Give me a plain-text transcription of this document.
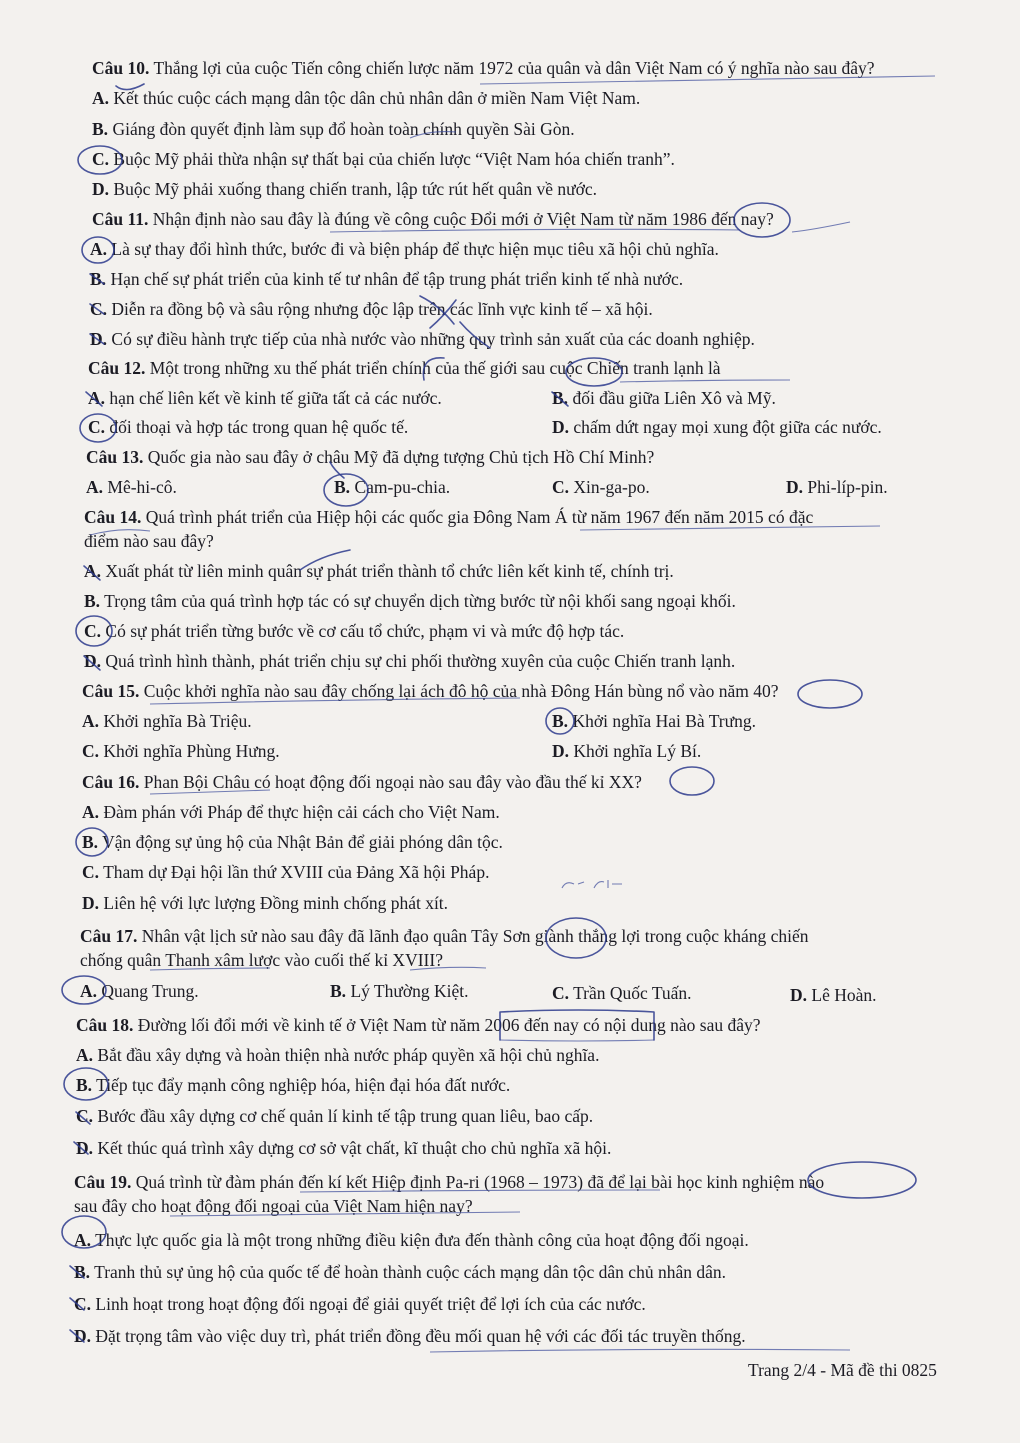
Câu 10. Thắng lợi của cuộc Tiến công chiến lược năm 1972 của quân và dân Việt Nam có ý nghĩa nào sau đây?
A. Kết thúc cuộc cách mạng dân tộc dân chủ nhân dân ở miền Nam Việt Nam.
B. Giáng đòn quyết định làm sụp đổ hoàn toàn chính quyền Sài Gòn.
C. Buộc Mỹ phải thừa nhận sự thất bại của chiến lược “Việt Nam hóa chiến tranh”.
D. Buộc Mỹ phải xuống thang chiến tranh, lập tức rút hết quân về nước.
Câu 11. Nhận định nào sau đây là đúng về công cuộc Đổi mới ở Việt Nam từ năm 1986 đến nay?
A. Là sự thay đổi hình thức, bước đi và biện pháp để thực hiện mục tiêu xã hội chủ nghĩa.
B. Hạn chế sự phát triển của kinh tế tư nhân để tập trung phát triển kinh tế nhà nước.
C. Diễn ra đồng bộ và sâu rộng nhưng độc lập trên các lĩnh vực kinh tế – xã hội.
D. Có sự điều hành trực tiếp của nhà nước vào những quy trình sản xuất của các doanh nghiệp.
Câu 12. Một trong những xu thế phát triển chính của thế giới sau cuộc Chiến tranh lạnh là
A. hạn chế liên kết về kinh tế giữa tất cả các nước.	B. đối đầu giữa Liên Xô và Mỹ.
C. đối thoại và hợp tác trong quan hệ quốc tế.	D. chấm dứt ngay mọi xung đột giữa các nước.
Câu 13. Quốc gia nào sau đây ở châu Mỹ đã dựng tượng Chủ tịch Hồ Chí Minh?
A. Mê-hi-cô.	B. Cam-pu-chia.	C. Xin-ga-po.	D. Phi-líp-pin.
Câu 14. Quá trình phát triển của Hiệp hội các quốc gia Đông Nam Á từ năm 1967 đến năm 2015 có đặc
điểm nào sau đây?
A. Xuất phát từ liên minh quân sự phát triển thành tổ chức liên kết kinh tế, chính trị.
B. Trọng tâm của quá trình hợp tác có sự chuyển dịch từng bước từ nội khối sang ngoại khối.
C. Có sự phát triển từng bước về cơ cấu tổ chức, phạm vi và mức độ hợp tác.
D. Quá trình hình thành, phát triển chịu sự chi phối thường xuyên của cuộc Chiến tranh lạnh.
Câu 15. Cuộc khởi nghĩa nào sau đây chống lại ách đô hộ của nhà Đông Hán bùng nổ vào năm 40?
A. Khởi nghĩa Bà Triệu.	B. Khởi nghĩa Hai Bà Trưng.
C. Khởi nghĩa Phùng Hưng.	D. Khởi nghĩa Lý Bí.
Câu 16. Phan Bội Châu có hoạt động đối ngoại nào sau đây vào đầu thế kỉ XX?
A. Đàm phán với Pháp để thực hiện cải cách cho Việt Nam.
B. Vận động sự ủng hộ của Nhật Bản để giải phóng dân tộc.
C. Tham dự Đại hội lần thứ XVIII của Đảng Xã hội Pháp.
D. Liên hệ với lực lượng Đồng minh chống phát xít.
Câu 17. Nhân vật lịch sử nào sau đây đã lãnh đạo quân Tây Sơn giành thắng lợi trong cuộc kháng chiến
chống quân Thanh xâm lược vào cuối thế kỉ XVIII?
A. Quang Trung.	B. Lý Thường Kiệt.	C. Trần Quốc Tuấn.	D. Lê Hoàn.
Câu 18. Đường lối đổi mới về kinh tế ở Việt Nam từ năm 2006 đến nay có nội dung nào sau đây?
A. Bắt đầu xây dựng và hoàn thiện nhà nước pháp quyền xã hội chủ nghĩa.
B. Tiếp tục đẩy mạnh công nghiệp hóa, hiện đại hóa đất nước.
C. Bước đầu xây dựng cơ chế quản lí kinh tế tập trung quan liêu, bao cấp.
D. Kết thúc quá trình xây dựng cơ sở vật chất, kĩ thuật cho chủ nghĩa xã hội.
Câu 19. Quá trình từ đàm phán đến kí kết Hiệp định Pa-ri (1968 – 1973) đã để lại bài học kinh nghiệm nào
sau đây cho hoạt động đối ngoại của Việt Nam hiện nay?
A. Thực lực quốc gia là một trong những điều kiện đưa đến thành công của hoạt động đối ngoại.
B. Tranh thủ sự ủng hộ của quốc tế để hoàn thành cuộc cách mạng dân tộc dân chủ nhân dân.
C. Linh hoạt trong hoạt động đối ngoại để giải quyết triệt để lợi ích của các nước.
D. Đặt trọng tâm vào việc duy trì, phát triển đồng đều mối quan hệ với các đối tác truyền thống.
Trang 2/4 - Mã đề thi 0825
